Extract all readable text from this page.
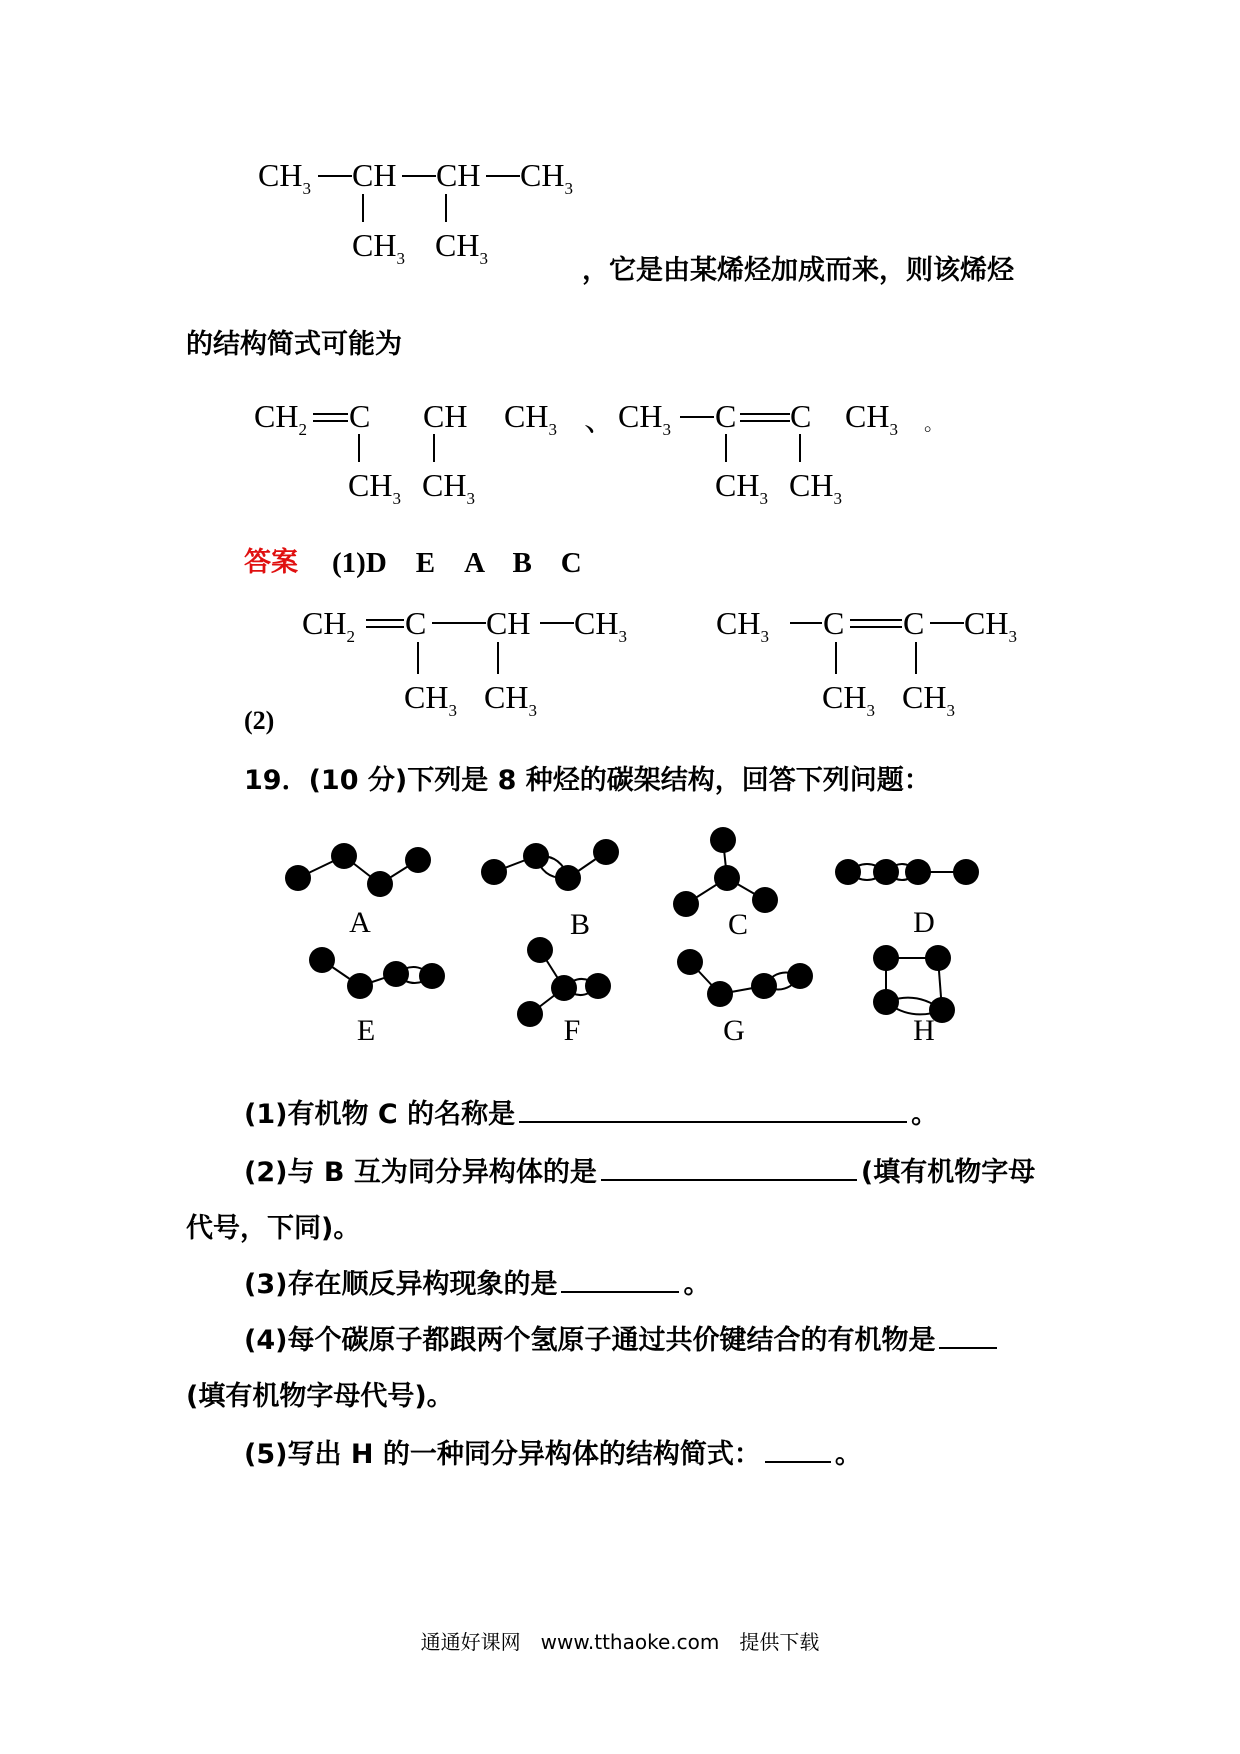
$CH_3$ CH CH $CH_3$
$CH_3$ $CH_3$
$CH_2$ C CH $CH_3$
$CH_3$ $CH_3$
、 $CH_3$ C C $CH_3$
$CH_3$ $CH_3$
。
$CH_2$ C CH $CH_3$
$CH_3$ $CH_3$
$CH_3$ C C $CH_3$
$CH_3$ $CH_3$
，它是由某烯烃加成而来，则该烯烃
的结构简式可能为
答案 (1)D　E　A　B　C
(2)
19．(10 分)下列是 8 种烃的碳架结构，回答下列问题：
A	B	C	D
E	F	G	H
(1)有机物 C 的名称是	。
(2)与 B 互为同分异构体的是	(填有机物字母
代号，下同)。
(3)存在顺反异构现象的是	。
(4)每个碳原子都跟两个氢原子通过共价键结合的有机物是
(填有机物字母代号)。
(5)写出 H 的一种同分异构体的结构简式：	。
通通好课网　www.tthaoke.com　提供下载
